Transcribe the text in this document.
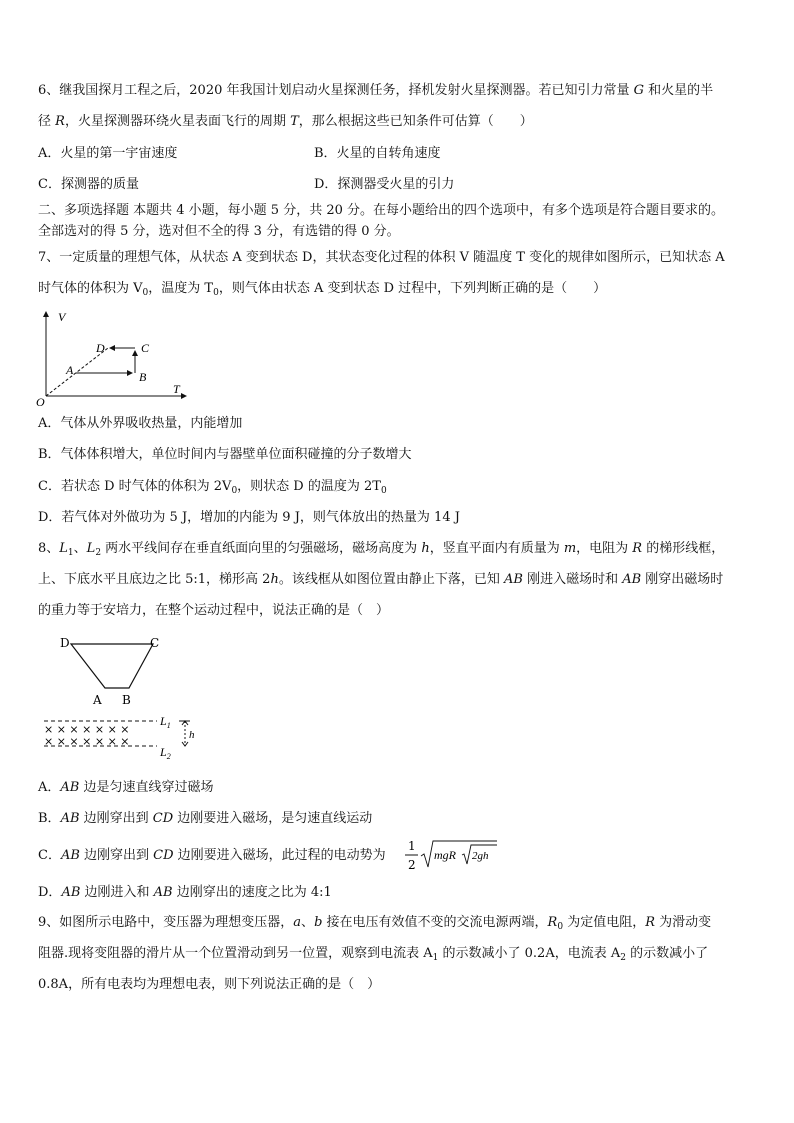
6、继我国探月工程之后，2020 年我国计划启动火星探测任务，择机发射火星探测器。若已知引力常量 G 和火星的半
径 R，火星探测器环绕火星表面飞行的周期 T，那么根据这些已知条件可估算（　　）
A．火星的第一宇宙速度	B．火星的自转角速度
C．探测器的质量	D．探测器受火星的引力
二、多项选择题 本题共 4 小题，每小题 5 分，共 20 分。在每小题给出的四个选项中，有多个选项是符合题目要求的。
全部选对的得 5 分，选对但不全的得 3 分，有选错的得 0 分。
7、一定质量的理想气体，从状态 A 变到状态 D，其状态变化过程的体积 V 随温度 T 变化的规律如图所示，已知状态 A
时气体的体积为 $V_0$，温度为 $T_0$，则气体由状态 A 变到状态 D 过程中，下列判断正确的是（　　）
V
T
O
A	B
C
D
A．气体从外界吸收热量，内能增加
B．气体体积增大，单位时间内与器壁单位面积碰撞的分子数增大
C．若状态 D 时气体的体积为 $2V_0$，则状态 D 的温度为 $2T_0$
D．若气体对外做功为 5 J，增加的内能为 9 J，则气体放出的热量为 14 J
8、$L_1$、$L_2$ 两水平线间存在垂直纸面向里的匀强磁场，磁场高度为 h，竖直平面内有质量为 m，电阻为 R 的梯形线框，
上、下底水平且底边之比 5:1，梯形高 2h。该线框从如图位置由静止下落，已知 AB 刚进入磁场时和 AB 刚穿出磁场时
的重力等于安培力，在整个运动过程中，说法正确的是（　）
D	C
A B
× × × × × × ×
× × × × × × ×
$L_1$
$L_2$
h
A．AB 边是匀速直线穿过磁场
B．AB 边刚穿出到 CD 边刚要进入磁场，是匀速直线运动
C．AB 边刚穿出到 CD 边刚要进入磁场，此过程的电动势为
1
2
mgR 2gh
D．AB 边刚进入和 AB 边刚穿出的速度之比为 4:1
9、如图所示电路中，变压器为理想变压器，a、b 接在电压有效值不变的交流电源两端，$R_0$ 为定值电阻，R 为滑动变
阻器.现将变阻器的滑片从一个位置滑动到另一位置，观察到电流表 $A_1$ 的示数减小了 0.2A，电流表 $A_2$ 的示数减小了
0.8A，所有电表均为理想电表，则下列说法正确的是（　）
